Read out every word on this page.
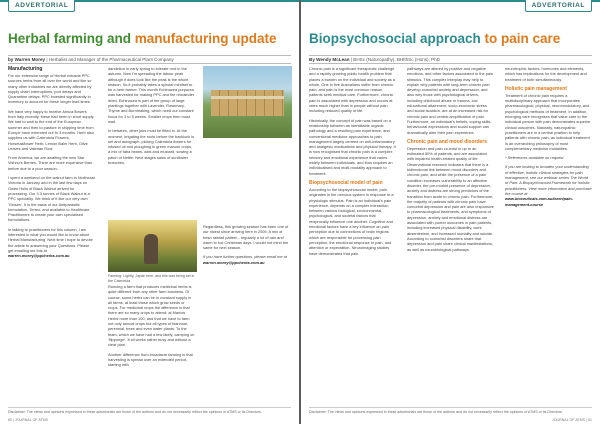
ADVERTORIAL
Herbal farming and manufacturing update
by Warren Morey | Herbalist and Manager of the Pharmaceutical Plant Company
Manufacturing

For our extensive range of Herbal extracts PPC sources herbs from all over the world and like so many other industries we are directly affected by supply chain interruptions, port delays and Quarantine delays. PPC invested significantly in inventory to account for these longer lead times.

We have very happy to receive Arnica flowers from Italy recently, these had been in short supply. We had to wait to the end of the European summer and then to pasture in shipping time from Europe have extended out to 3 months. Herb also supplies us with Calendula Flowers, Horsetail/lower Herb, Lemon Balm Herb, Olive Leaves and Valerian Root.

From America, we are awaiting the new Star Vishnu's Berries. There are more expensive than before due to a poor season.

I spent a weekend on the walnut farm in Northeast Victoria in January and in the last few days on Gwen Holls of Black Walnut arrived for processing. Our 3.3 tonnes of Black Walnut is a PPC speciality. We think of it like our very own 'Ginsen'. It is the basis of our Antiparasitic formulation, Terrex, and available to Healthcare Practitioners to create your own specialised formulations.

In talking to practitioners for this column, I am interested in what you would like to know about Herbal Manufacturing. Next time I hope to devote the article to answering your Questions. Please get emailing me this at warren.morey@ppcherbs.com.au

dandelion in early spring to tolerate root in the autumn. Now I'm spreading the labour peak although it does look like the peak is the whole season. So it probably takes a special mindset to be a herb farmer. This month Echinacea purpurea was harvested for making PPC and the remainder dried. Echinacea is part of the group of large plantings together with Lavender, Rosemary, Thyme and Burnmaking, which need our constant focus for 3 to 5 weeks. Smaller crops then must wait.

In between, other jobs must be fitted in. At the moment, irrigating the roots before the backlock is set and autograph, picking Calendula flowers for infused oil and ploughing in green manure crops, a mix of faba beans, oats and mustard, sowing a patch of Nettle. Next stages sales of sunflower branches.

Farming: Lightly, Jayde here, and this was being set in the Calendula

Running a farm that produces medicinal herbs is quite different from any other farm business. Of course, some herbs can be in constant supply in all farms, at least those which grow seeds or crops. For medicinal crops the difference is that there are so many crops to attend; at Marlow Herbs more than 100, and that we have to farm not only annual crops but all types of biannual, perennial, trees and even water plants. To the team, which we have had a few lately, camping on 'flipponge'. It all works rather busy and without a clear plan.

Another difference from broadacre farming is that harvesting is spread over an extended period, starting with

Regardless, this growing season has been one of our nicest since arriving here in 2009. A mix of fresh rainfall pattern - regularly a lot of rain and warm to hot Christmas days. I would not mind the same for next season.

If you have further questions, please email me at warren.morey@ppcherbs.com.au

Disclaimer: The views and opinions expressed in these advertorials are those of the authors and do not necessarily reflect the opinions of ATMS or its Directors.
60 | JOURNAL OF ATMS
ADVERTORIAL
Biopsychosocial approach to pain care
By Wendy McLean | BHSc (Naturopathy), BHlthSc (Hons), PhD

Chronic pain is a significant therapeutic challenge and a rapidly growing public health problem that places a burden on the individual and society as a whole. One in five Australians suffer from chronic pain, and pain is the most common reason patients seek medical care. Furthermore, chronic pain is associated with depression and occurs at rates much higher than in people without pain, including reduced quality of life.

Historically, the concept of pain was based on a relationship between an identifiable organic pathology and a resulting pain experience, and conventional medicine approaches to pain management largely centred on anti-inflammatory and analgesic medications and physical therapy. It is now recognised that chronic pain is a complex sensory and emotional experience that varies widely between individuals, and thus requires an individualised and multi-modality approach to treatment.

Biopsychosocial model of pain

According to the biopsychosocial model, pain originates in the nervous system in response to a physiologic stimulus. Pain is an individual's pain experience, depends on a complex interaction between various biological, environmental, psychological, and societal factors that reciprocally influence one another. Cognitive and emotional factors have a key influence on pain perception due to connections of brain regions which are responsible for processing pain perception, the emotional response to pain, and attention or expectation. Neuroimaging studies have demonstrated that pain

pathways are altered by positive and negative emotions, and other factors associated to the pain stimulus. This complex interplay may help to explain why patients with long-term chronic pain develop comorbid anxiety and depression, and also why those with psychological drivers, including childhood abuse or trauma, low educational attainment, socio-economic stress and social isolation, are at an increased risk for chronic pain and central amplification of pain. Furthermore, an individual's beliefs, coping skills, behavioural expressions and social support can dramatically alter their pain experience.

Chronic pain and mood disorders

Depression and pain co-exist in up to an estimated 80% of patients, and are associated with impaired health-related quality of life. Observational research indicates that there is a bidirectional link between mood disorders and chronic pain, and while the presence of a pain condition increases vulnerability to an affective disorder, the pre-morbid presence of depression, anxiety and distress are strong predictors of the transition from acute to chronic pain. Furthermore, the majority of patients with chronic pain have comorbid depression and pain are also responsive to pharmacological treatments, and symptoms of depression, anxiety and emotional distress are associated with poorer outcomes in pain patients, including increased physical disability, work absenteeism, and increased mortality and suicide. According to comorbid disorders share that depression and pain share clinical manifestations, as well as neurobiological pathways.

neurotrophic factors, hormones and elements, which has implications for the development and treatment of both simultaneously.

Holistic pain management

Treatment of chronic pain requires a multidisciplinary approach that incorporates pharmacological, physical, neuromodulatory, and psychological methods of treatment. In addition, emerging care recognises that value care to the individual person with pain demonstrates superior clinical outcomes. Naturally, naturopathic practitioners are in a central position to help patients with chronic pain, as individual treatment is an overarching philosophy of most complementary medicine modalities.

* References available on request

If you are looking to broaden your understanding of effective, holistic clinical strategies for pain management, see our webinar series The World of Pain: A Biopsychosocial Framework for holistic practitioners. View more information and purchase the course at www.bioceuticals.com.au/learn/pain-management-course

Disclaimer: The views and opinions expressed in these advertorials are those of the authors and do not necessarily reflect the opinions of ATMS or its Directors.
JOURNAL OF ATMS | 61
